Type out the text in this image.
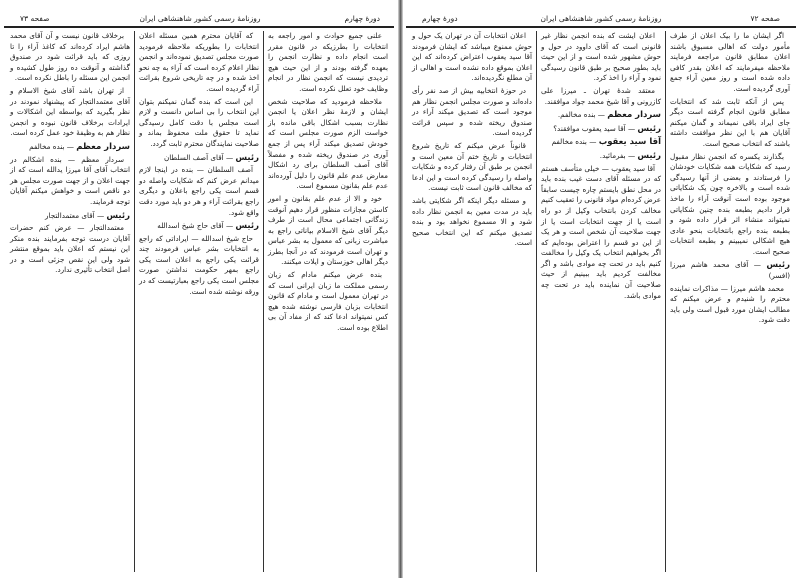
دورهٔ چهارم
روزنامهٔ رسمی کشور شاهنشاهی ایران
صفحه ۷۳

علنی جمیع حوادث و امور راجعه به انتخابات را بطرزیکه در قانون مقرر است انجام داده و نظارت انجمن را بعهده گرفته بودند و از این حیث هیچ تردیدی نیست که انجمن نظار در انجام وظایف خود تعلل نکرده است.

ملاحظه فرمودید که صلاحیت شخص ایشان و لازمهٔ نظر اعلان یا انجمن نظارت بسبب اشکال باقی مانده باز خواست الزم صورت مجلس است که خودش تصدیق میکند آراء پس از جمع آوری در صندوق ریخته شده و مفصلاً آقای آصف السلطان برای رد اشکال معارض عدم علم قانون را دلیل آورده‌اند عدم علم بقانون مسموع است.

خود و الا از عدم علم بقانون و امور کاستن مجازات منظور قرار دهیم آنوقت زندگانی اجتماعی محال است از طرف دیگر آقای شیخ الاسلام بیاناتی راجع به مباشرت زبانی که معمول به بشر عباس و تهران است فرمودند که در آنجا بطرز دیگر اهالی خوزستان و ایلات میکنند.

بنده عرض میکنم مادام که زبان رسمی مملکت ما زبان ایرانی است که در تهران معمول است و مادام که قانون انتخابات بزبان فارسی نوشته شده هیچ کس نمیتواند ادعا کند که از مفاد آن بی اطلاع بوده است.

که آقایان محترم همین مسئله اعلان انتخابات را بطوریکه ملاحظه فرمودید صورت مجلس تصدیق نموده‌اند و انجمن نظار اعلام کرده است که آراء به چه نحو اخذ شده و در چه تاریخی شروع بقرائت آراء گردیده است.

این است که بنده گمان نمیکنم بتوان این انتخاب را بی اساس دانست و لازم است مجلس با دقت کامل رسیدگی نماید تا حقوق ملت محفوظ بماند و صلاحیت نمایندگان محترم ثابت گردد.

رئیس — آقای آصف السلطان

آصف السلطان — بنده در اینجا لازم میدانم عرض کنم که شکایات واصله دو قسم است یکی راجع باعلان و دیگری راجع بقرائت آراء و هر دو باید مورد دقت واقع شود.

رئیس — آقای حاج شیخ اسدالله

حاج شیخ اسدالله — ایراداتی که راجع به انتخابات بشر عباس فرمودند چند قرائت یکی راجع به اعلان است یکی راجع بمهر حکومت نداشتن صورت مجلس است یکی راجع بعبارتیست که در ورقه نوشته شده است.

برخلاف قانون نیست و آن آقای محمد هاشم ایراد کرده‌اند که کاغذ آراء را تا روزی که باید قرائت شود در صندوق گذاشته و آنوقت ده روز طول کشیده و انجمن این مسئله را باطل نکرده است.

از تهران باشد آقای شیخ الاسلام و آقای معتمدالتجار که پیشنهاد نمودند در نظر بگیرید که بواسطه این اشکالات و ایرادات برخلاف قانون نبوده و انجمن نظار هم به وظیفهٔ خود عمل کرده است.

سردار معظم — بنده مخالفم

سردار معظم — بنده اشکالم در انتخاب آقای آقا میرزا یدالله است که از جهت اعلان و از جهت صورت مجلس هر دو ناقص است و خواهش میکنم آقایان توجه فرمایند.

رئیس — آقای معتمدالتجار

معتمدالتجار — عرض کنم حضرات آقایان درست توجه بفرمایند بنده منکر این نیستم که اعلان باید بموقع منتشر شود ولی این نقص جزئی است و در اصل انتخاب تأثیری ندارد.

صفحه ۷۲
روزنامهٔ رسمی کشور شاهنشاهی ایران
دورهٔ چهارم

اگر ایشان ما را بیک اعلان از طرف مأمور دولت که اهالی مسبوق باشند اعلان مطابق قانون مراجعه فرمایند ملاحظه میفرمایند که اعلان بقدر کافی داده شده است و روز معین آراء جمع آوری گردیده است.

پس از آنکه ثابت شد که انتخابات مطابق قانون انجام گرفته است دیگر جای ایراد باقی نمیماند و گمان میکنم آقایان هم با این نظر موافقت داشته باشند که انتخاب صحیح است.

بگذارند یکسره که انجمن نظار مقبول رسید که شکایات همه شکایات خودشان را فرستادند و بعضی از آنها رسیدگی شده است و بالاخره چون یک شکایاتی موجود بوده است آنوقت آراء را ماخذ قرار دادیم بطبعه بنده چنین شکایاتی نمیتواند منشاء اثر قرار داده شود و بطبعه بنده راجع بانتخابات بنحو عادی هیچ اشکالی نمیبینم و بطبعه انتخابات صحیح است.

رئیس — آقای محمد هاشم میرزا (افسر)

محمد هاشم میرزا — مذاکرات نماینده محترم را شنیدم و عرض میکنم که مطالب ایشان مورد قبول است ولی باید دقت شود.

اعلان ایشت که بنده انجمن نظار غیر قانونی است که آقای داوود در حول و حوش مشهور شده است و از این حیث باید بطور صحیح بر طبق قانون رسیدگی نمود و آراء را اخذ کرد.

معتقد شدهٔ تهران ـ میرزا علی کازرونی و آقا شیخ محمد جواد موافقند.

سردار معظم — بنده مخالفم.
رئیس — آقا سید یعقوب موافقند؟
آقا سید یعقوب — بنده مخالفم
رئیس — بفرمائید.

آقا سید یعقوب — خیلی متأسف هستم که در مسئله آقای دست غیب بنده باید در محل نطق بایستم چاره چیست سابقاً عرض کرده‌ام مواد قانونی را تعقیب کنیم مخالف کردن بانتخاب وکیل از دو راه است یا از جهت انتخابات است یا از جهت صلاحیت آن شخص است و هر یک از این دو قسم را اعتراض بوده‌ایم که اگر بخواهیم انتخاب یک وکیل را مخالفت کنیم باید در تحت چه موادی باشد و اگر مخالفت کردیم باید ببینیم از حیث صلاحیت آن نماینده باید در تحت چه موادی باشد.

اعلان انتخابات آن در تهران یک حول و حوش ممنوع میباشد که ایشان فرمودند آقا سید یعقوب اعتراض کرده‌اند که این اعلان بموقع داده نشده است و اهالی از آن مطلع نگردیده‌اند.

در حوزهٔ انتخابیه بیش از صد نفر رأی داده‌اند و صورت مجلس انجمن نظار هم موجود است که تصدیق میکند آراء در صندوق ریخته شده و سپس قرائت گردیده است.

قانوناً عرض میکنم که تاریخ شروع انتخابات و تاریخ ختم آن معین است و انجمن بر طبق آن رفتار کرده و شکایات واصله را رسیدگی کرده است و این ادعا که مخالف قانون است ثابت نیست.

و مسئله دیگر اینکه اگر شکایتی باشد باید در مدت معین به انجمن نظار داده شود و الا مسموع نخواهد بود و بنده تصدیق میکنم که این انتخاب صحیح است.
